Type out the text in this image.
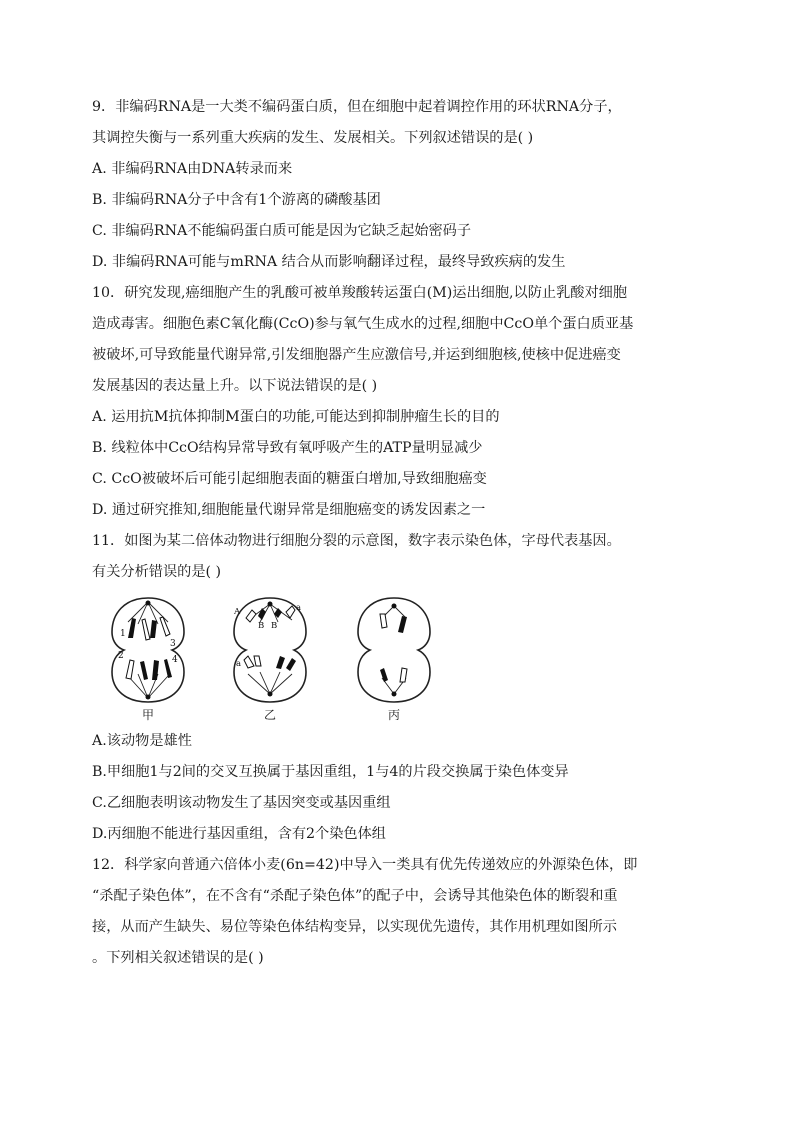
9．非编码RNA是一大类不编码蛋白质，但在细胞中起着调控作用的环状RNA分子，
其调控失衡与一系列重大疾病的发生、发展相关。下列叙述错误的是( )
A. 非编码RNA由DNA转录而来
B. 非编码RNA分子中含有1个游离的磷酸基团
C. 非编码RNA不能编码蛋白质可能是因为它缺乏起始密码子
D. 非编码RNA可能与mRNA 结合从而影响翻译过程，最终导致疾病的发生
10．研究发现,癌细胞产生的乳酸可被单羧酸转运蛋白(M)运出细胞,以防止乳酸对细胞
造成毒害。细胞色素C氧化酶(CcO)参与氧气生成水的过程,细胞中CcO单个蛋白质亚基
被破坏,可导致能量代谢异常,引发细胞器产生应激信号,并运到细胞核,使核中促进癌变
发展基因的表达量上升。以下说法错误的是( )
A. 运用抗M抗体抑制M蛋白的功能,可能达到抑制肿瘤生长的目的
B. 线粒体中CcO结构异常导致有氧呼吸产生的ATP量明显减少
C. CcO被破坏后可能引起细胞表面的糖蛋白增加,导致细胞癌变
D. 通过研究推知,细胞能量代谢异常是细胞癌变的诱发因素之一
11．如图为某二倍体动物进行细胞分裂的示意图，数字表示染色体，字母代表基因。
有关分析错误的是( )
1
3
2	4
A
B B
a
a
甲	乙	丙
A.该动物是雄性
B.甲细胞1与2间的交叉互换属于基因重组，1与4的片段交换属于染色体变异
C.乙细胞表明该动物发生了基因突变或基因重组
D.丙细胞不能进行基因重组，含有2个染色体组
12．科学家向普通六倍体小麦(6n=42)中导入一类具有优先传递效应的外源染色体，即
“杀配子染色体”，在不含有“杀配子染色体”的配子中，会诱导其他染色体的断裂和重
接，从而产生缺失、易位等染色体结构变异，以实现优先遗传，其作用机理如图所示
。下列相关叙述错误的是( )
